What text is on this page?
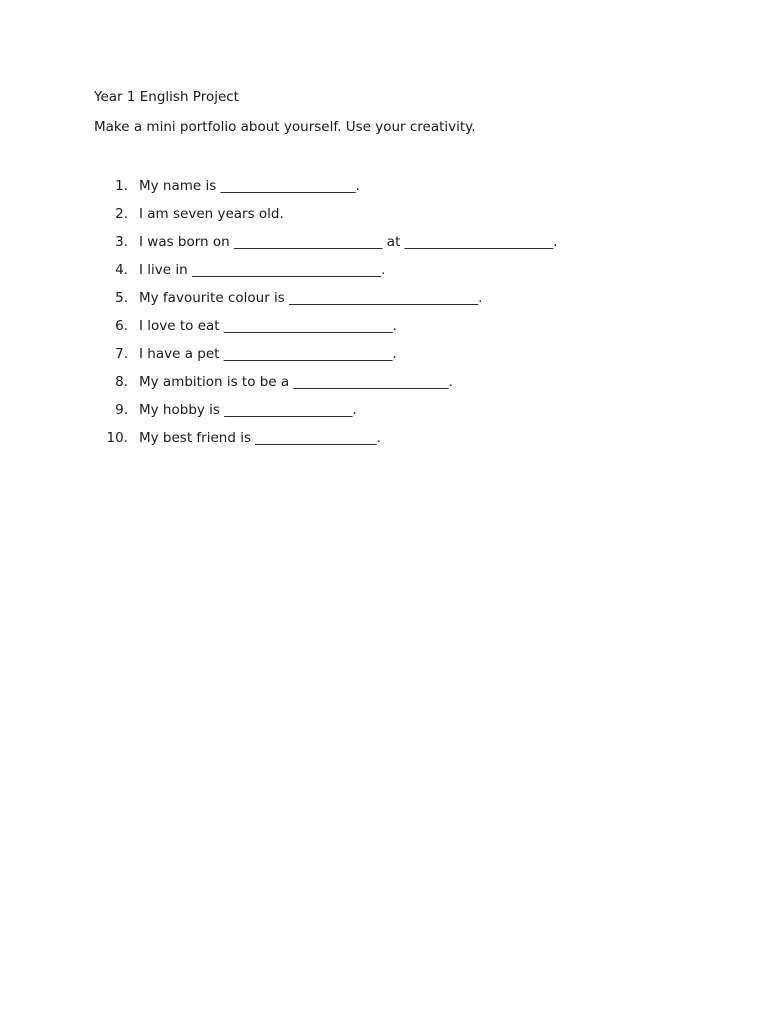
Year 1 English Project
Make a mini portfolio about yourself. Use your creativity.
1. My name is ____________________.
2. I am seven years old.
3. I was born on ______________________ at ______________________.
4. I live in ____________________________.
5. My favourite colour is ____________________________.
6. I love to eat _________________________.
7. I have a pet _________________________.
8. My ambition is to be a _______________________.
9. My hobby is ___________________.
10. My best friend is __________________.
